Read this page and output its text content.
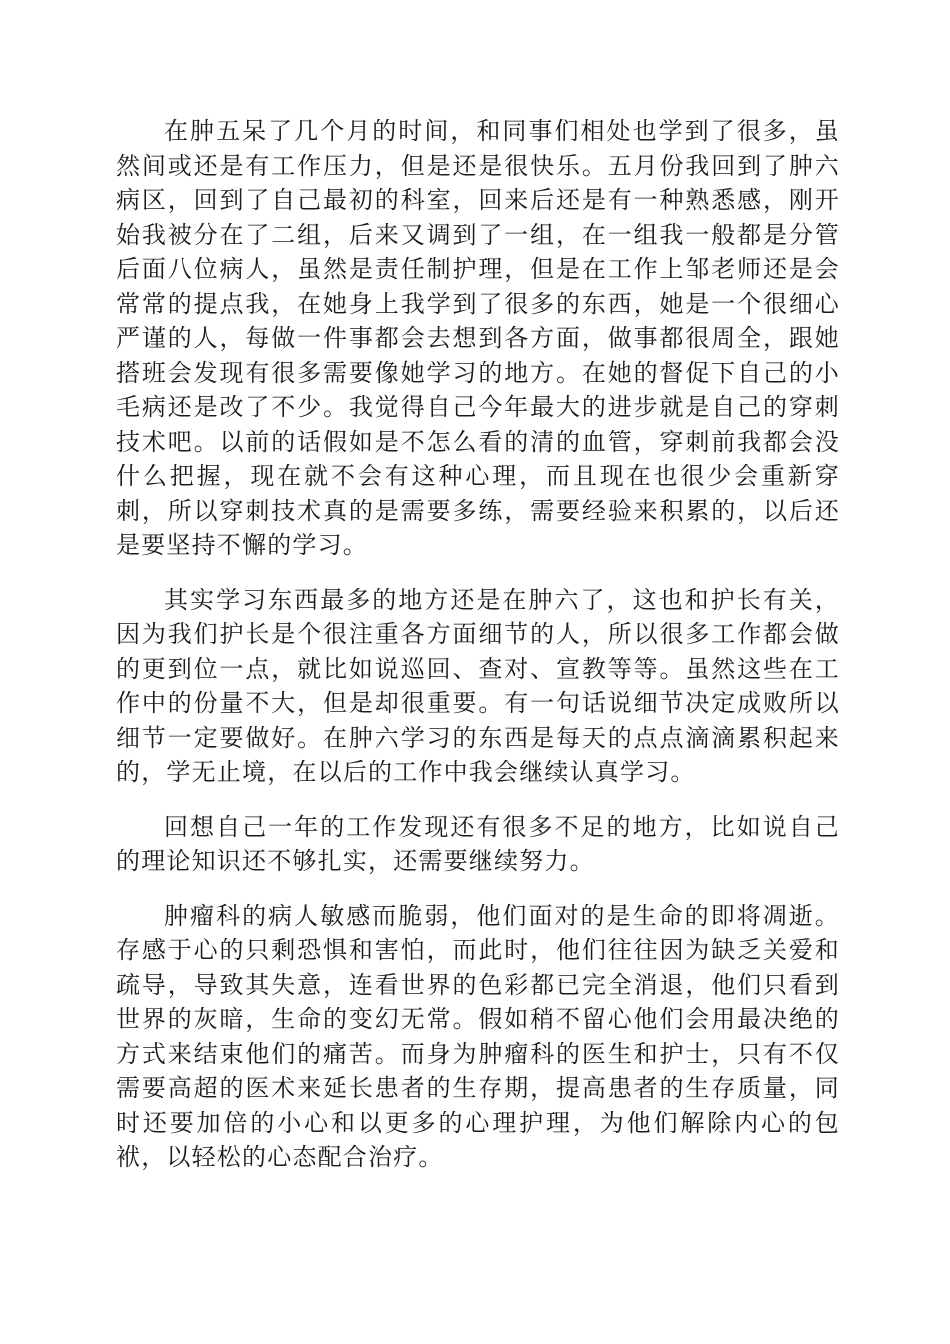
在肿五呆了几个月的时间，和同事们相处也学到了很多，虽然间或还是有工作压力，但是还是很快乐。五月份我回到了肿六病区，回到了自己最初的科室，回来后还是有一种熟悉感，刚开始我被分在了二组，后来又调到了一组，在一组我一般都是分管后面八位病人，虽然是责任制护理，但是在工作上邹老师还是会常常的提点我，在她身上我学到了很多的东西，她是一个很细心严谨的人，每做一件事都会去想到各方面，做事都很周全，跟她搭班会发现有很多需要像她学习的地方。在她的督促下自己的小毛病还是改了不少。我觉得自己今年最大的进步就是自己的穿刺技术吧。以前的话假如是不怎么看的清的血管，穿刺前我都会没什么把握，现在就不会有这种心理，而且现在也很少会重新穿刺，所以穿刺技术真的是需要多练，需要经验来积累的，以后还是要坚持不懈的学习。

其实学习东西最多的地方还是在肿六了，这也和护长有关，因为我们护长是个很注重各方面细节的人，所以很多工作都会做的更到位一点，就比如说巡回、查对、宣教等等。虽然这些在工作中的份量不大，但是却很重要。有一句话说细节决定成败所以细节一定要做好。在肿六学习的东西是每天的点点滴滴累积起来的，学无止境，在以后的工作中我会继续认真学习。

回想自己一年的工作发现还有很多不足的地方，比如说自己的理论知识还不够扎实，还需要继续努力。

肿瘤科的病人敏感而脆弱，他们面对的是生命的即将凋逝。存感于心的只剩恐惧和害怕，而此时，他们往往因为缺乏关爱和疏导，导致其失意，连看世界的色彩都已完全消退，他们只看到世界的灰暗，生命的变幻无常。假如稍不留心他们会用最决绝的方式来结束他们的痛苦。而身为肿瘤科的医生和护士，只有不仅需要高超的医术来延长患者的生存期，提高患者的生存质量，同时还要加倍的小心和以更多的心理护理，为他们解除内心的包袱，以轻松的心态配合治疗。
